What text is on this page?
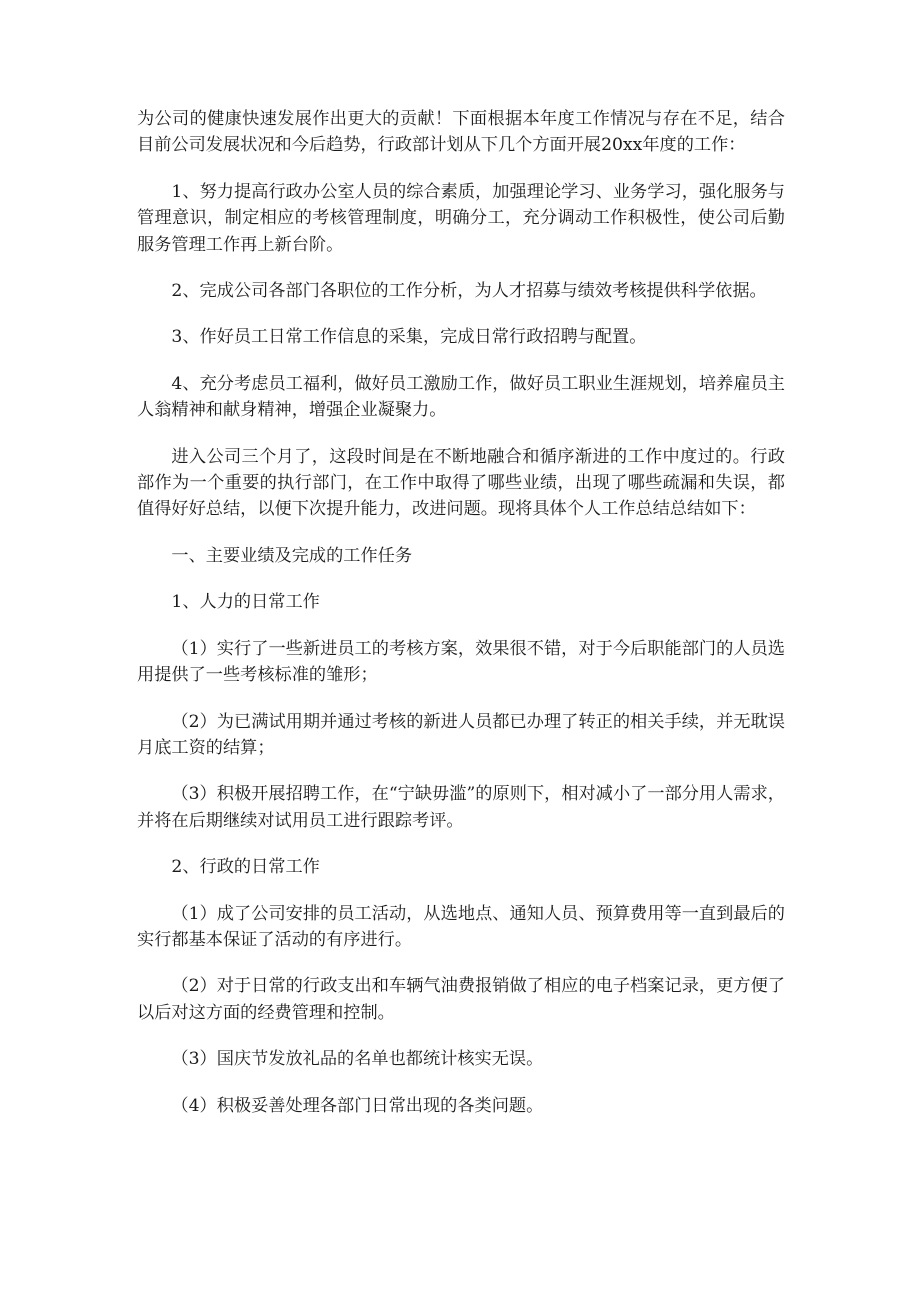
为公司的健康快速发展作出更大的贡献！下面根据本年度工作情况与存在不足，结合目前公司发展状况和今后趋势，行政部计划从下几个方面开展20xx年度的工作：

1、努力提高行政办公室人员的综合素质，加强理论学习、业务学习，强化服务与管理意识，制定相应的考核管理制度，明确分工，充分调动工作积极性，使公司后勤服务管理工作再上新台阶。

2、完成公司各部门各职位的工作分析，为人才招募与绩效考核提供科学依据。

3、作好员工日常工作信息的采集，完成日常行政招聘与配置。

4、充分考虑员工福利，做好员工激励工作，做好员工职业生涯规划，培养雇员主人翁精神和献身精神，增强企业凝聚力。

进入公司三个月了，这段时间是在不断地融合和循序渐进的工作中度过的。行政部作为一个重要的执行部门，在工作中取得了哪些业绩，出现了哪些疏漏和失误，都值得好好总结，以便下次提升能力，改进问题。现将具体个人工作总结总结如下：

一、主要业绩及完成的工作任务

1、人力的日常工作

（1）实行了一些新进员工的考核方案，效果很不错，对于今后职能部门的人员选用提供了一些考核标准的雏形；

（2）为已满试用期并通过考核的新进人员都已办理了转正的相关手续，并无耽误月底工资的结算；

（3）积极开展招聘工作，在“宁缺毋滥”的原则下，相对减小了一部分用人需求，并将在后期继续对试用员工进行跟踪考评。

2、行政的日常工作

（1）成了公司安排的员工活动，从选地点、通知人员、预算费用等一直到最后的实行都基本保证了活动的有序进行。

（2）对于日常的行政支出和车辆气油费报销做了相应的电子档案记录，更方便了以后对这方面的经费管理和控制。

（3）国庆节发放礼品的名单也都统计核实无误。

（4）积极妥善处理各部门日常出现的各类问题。
